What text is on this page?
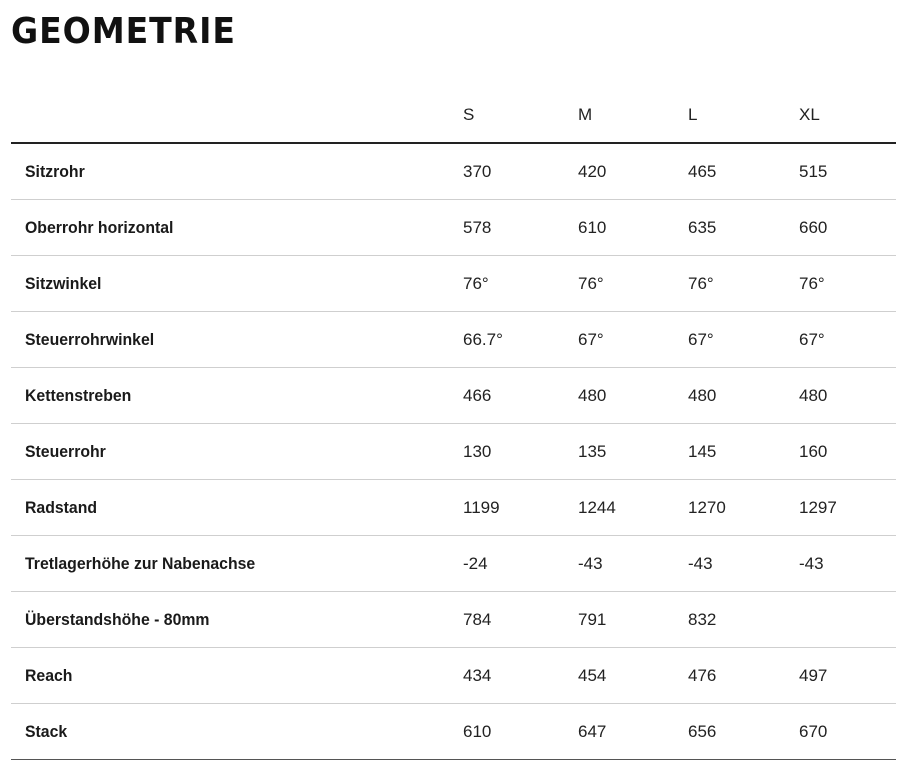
GEOMETRIE
	S	M	L	XL
Sitzrohr	370	420	465	515
Oberrohr horizontal	578	610	635	660
Sitzwinkel	76°	76°	76°	76°
Steuerrohrwinkel	66.7°	67°	67°	67°
Kettenstreben	466	480	480	480
Steuerrohr	130	135	145	160
Radstand	1199	1244	1270	1297
Tretlagerhöhe zur Nabenachse	-24	-43	-43	-43
Überstandshöhe - 80mm	784	791	832	
Reach	434	454	476	497
Stack	610	647	656	670
